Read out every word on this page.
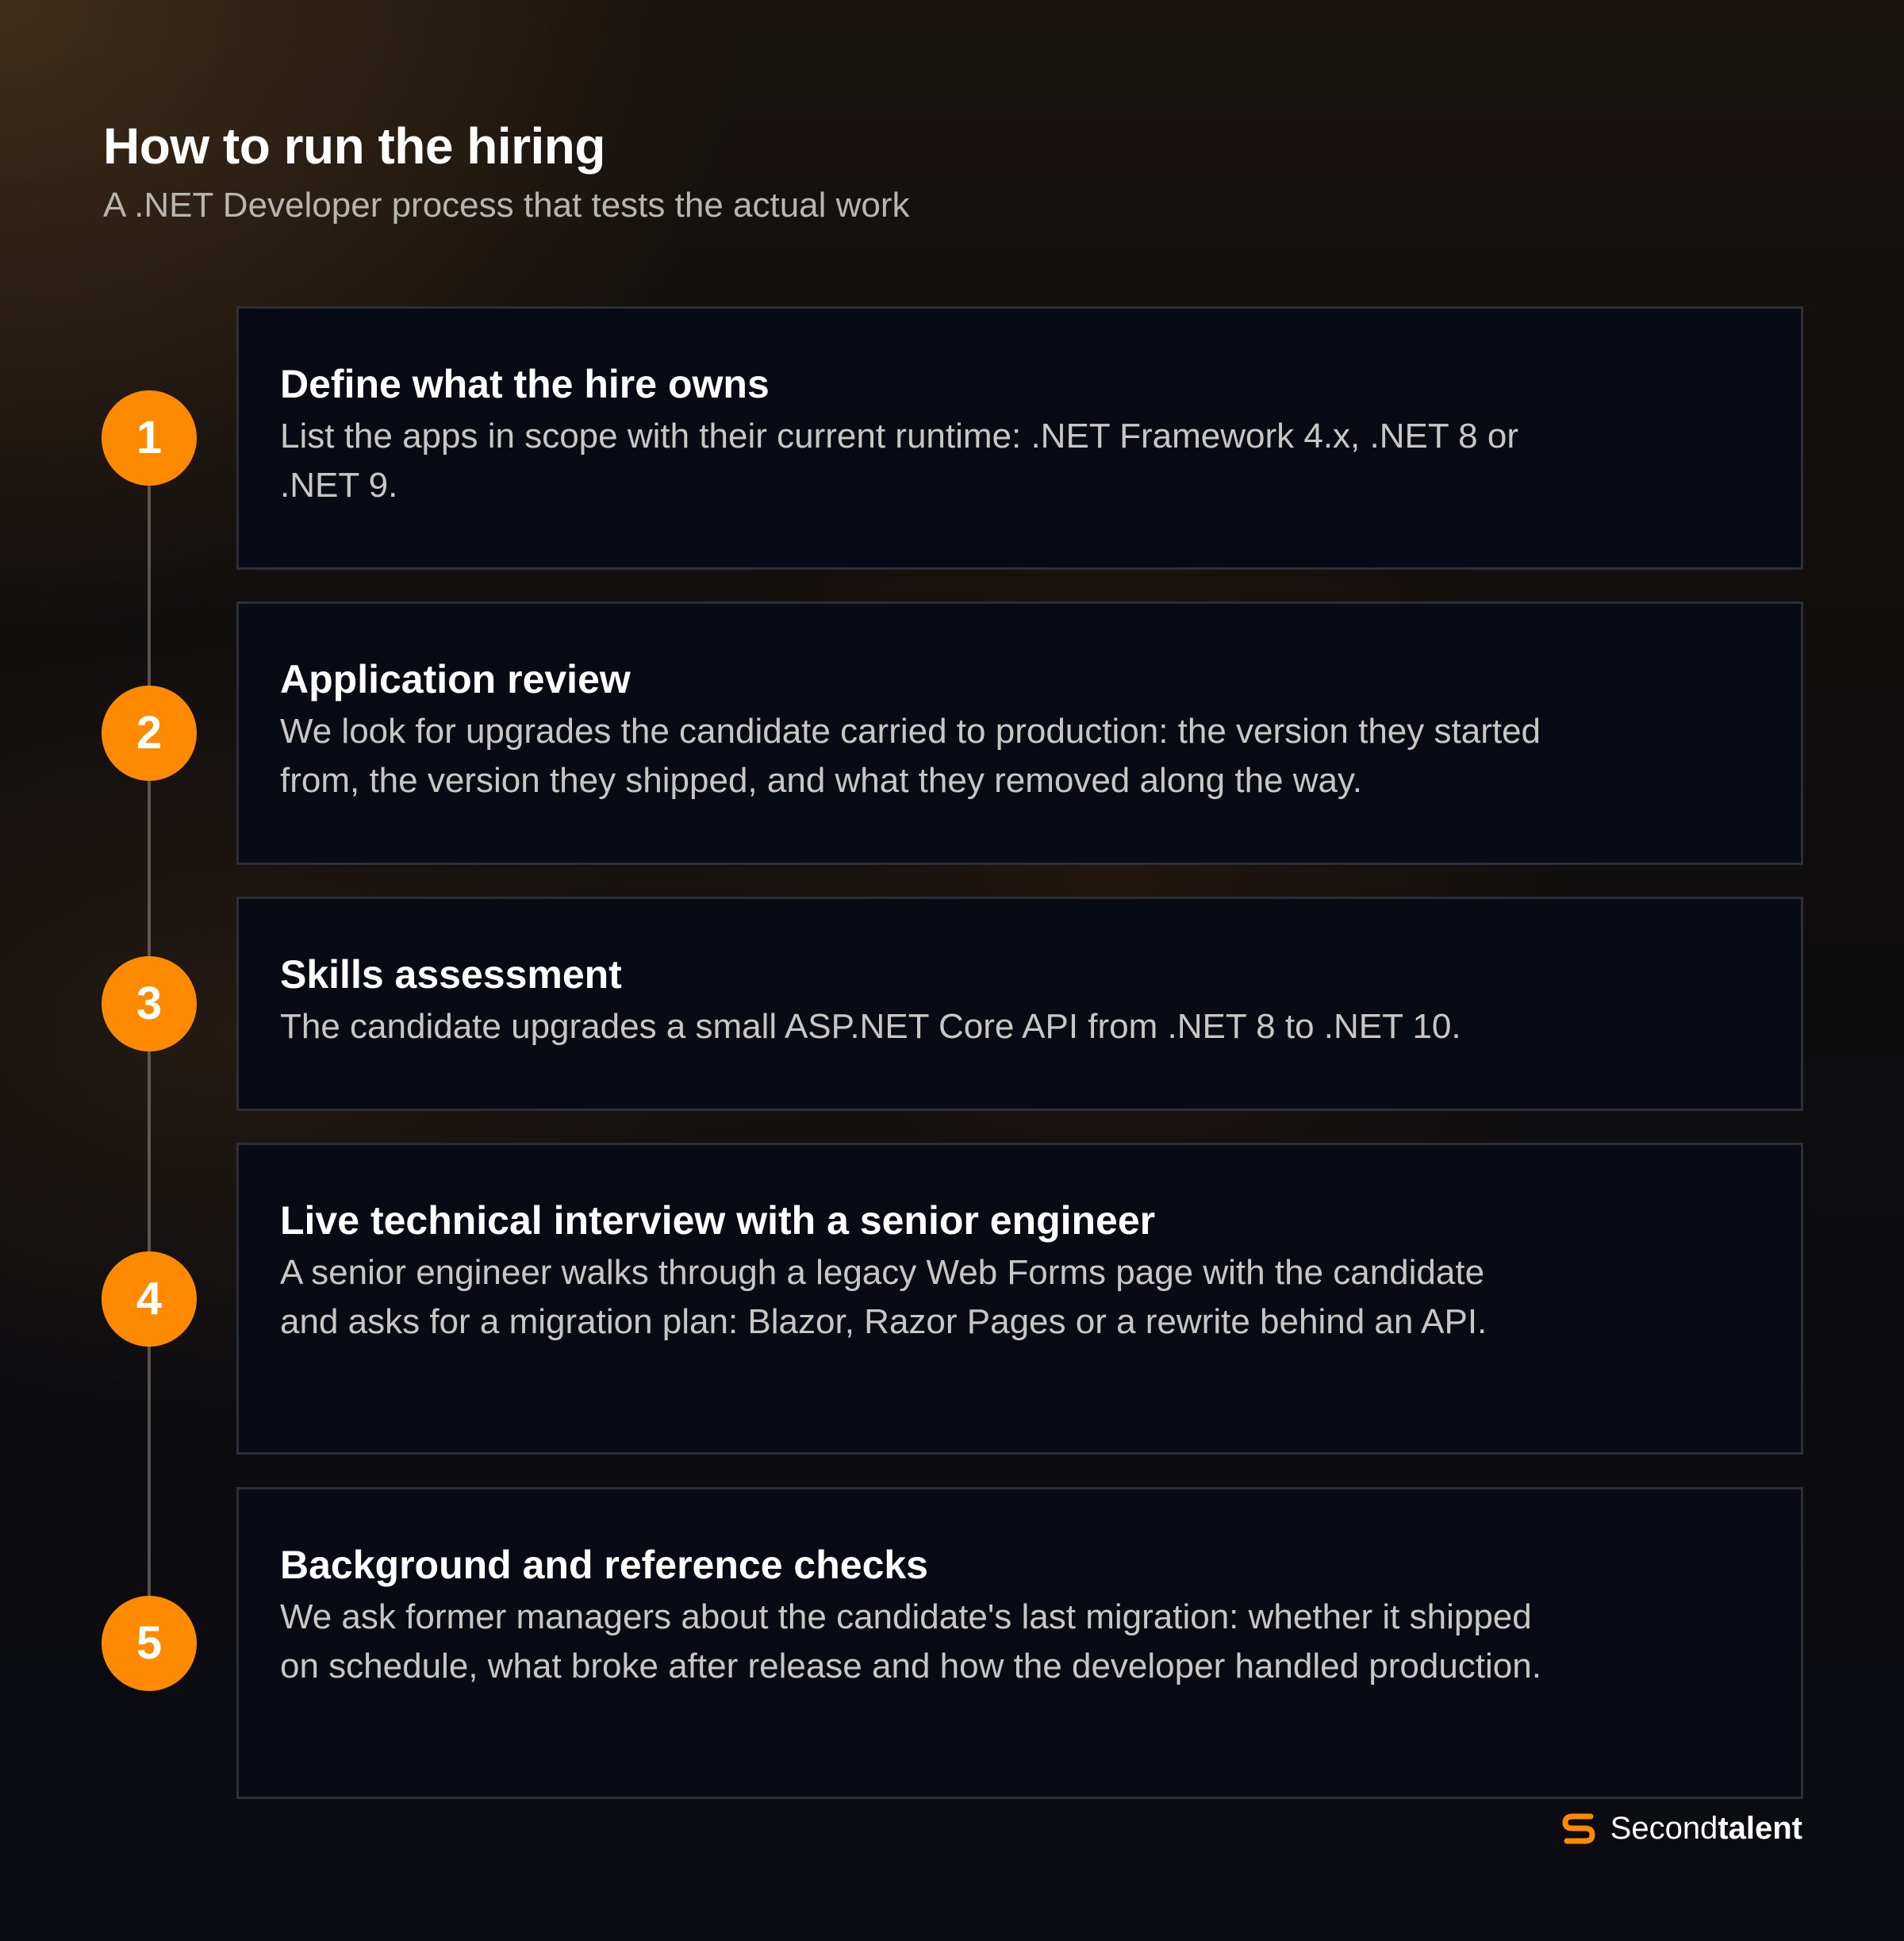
How to run the hiring

A .NET Developer process that tests the actual work

1
Define what the hire owns

List the apps in scope with their current runtime: .NET Framework 4.x, .NET 8 or .NET 9.

2
Application review

We look for upgrades the candidate carried to production: the version they started from, the version they shipped, and what they removed along the way.

3
Skills assessment

The candidate upgrades a small ASP.NET Core API from .NET 8 to .NET 10.

4
Live technical interview with a senior engineer

A senior engineer walks through a legacy Web Forms page with the candidate and asks for a migration plan: Blazor, Razor Pages or a rewrite behind an API.

5
Background and reference checks

We ask former managers about the candidate's last migration: whether it shipped on schedule, what broke after release and how the developer handled production.

Secondtalent
